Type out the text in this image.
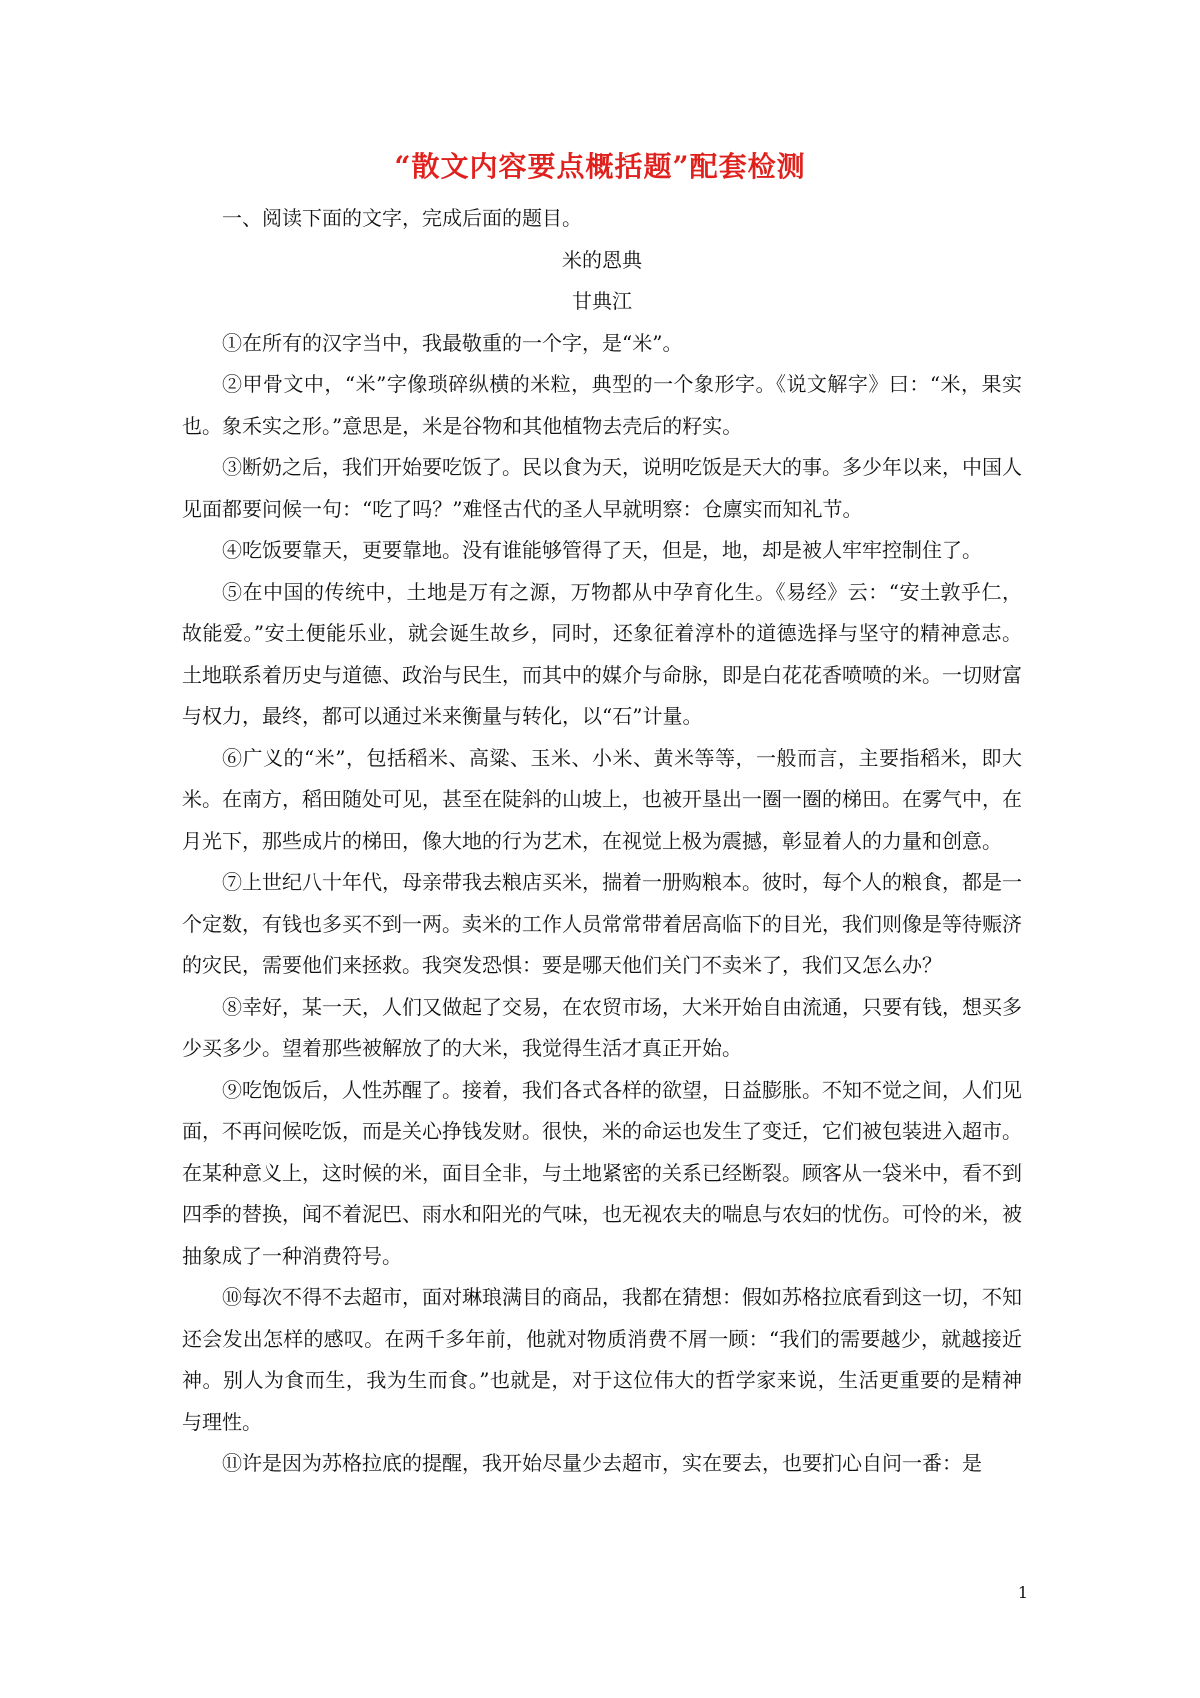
“散文内容要点概括题”配套检测

一、阅读下面的文字，完成后面的题目。

米的恩典

甘典江

①在所有的汉字当中，我最敬重的一个字，是“米”。

②甲骨文中，“米”字像琐碎纵横的米粒，典型的一个象形字。《说文解字》曰：“米，果实也。象禾实之形。”意思是，米是谷物和其他植物去壳后的籽实。

③断奶之后，我们开始要吃饭了。民以食为天，说明吃饭是天大的事。多少年以来，中国人见面都要问候一句：“吃了吗？”难怪古代的圣人早就明察：仓廪实而知礼节。

④吃饭要靠天，更要靠地。没有谁能够管得了天，但是，地，却是被人牢牢控制住了。

⑤在中国的传统中，土地是万有之源，万物都从中孕育化生。《易经》云：“安土敦乎仁，故能爱。”安土便能乐业，就会诞生故乡，同时，还象征着淳朴的道德选择与坚守的精神意志。土地联系着历史与道德、政治与民生，而其中的媒介与命脉，即是白花花香喷喷的米。一切财富与权力，最终，都可以通过米来衡量与转化，以“石”计量。

⑥广义的“米”，包括稻米、高粱、玉米、小米、黄米等等，一般而言，主要指稻米，即大米。在南方，稻田随处可见，甚至在陡斜的山坡上，也被开垦出一圈一圈的梯田。在雾气中，在月光下，那些成片的梯田，像大地的行为艺术，在视觉上极为震撼，彰显着人的力量和创意。

⑦上世纪八十年代，母亲带我去粮店买米，揣着一册购粮本。彼时，每个人的粮食，都是一个定数，有钱也多买不到一两。卖米的工作人员常常带着居高临下的目光，我们则像是等待赈济的灾民，需要他们来拯救。我突发恐惧：要是哪天他们关门不卖米了，我们又怎么办？

⑧幸好，某一天，人们又做起了交易，在农贸市场，大米开始自由流通，只要有钱，想买多少买多少。望着那些被解放了的大米，我觉得生活才真正开始。

⑨吃饱饭后，人性苏醒了。接着，我们各式各样的欲望，日益膨胀。不知不觉之间，人们见面，不再问候吃饭，而是关心挣钱发财。很快，米的命运也发生了变迁，它们被包装进入超市。在某种意义上，这时候的米，面目全非，与土地紧密的关系已经断裂。顾客从一袋米中，看不到四季的替换，闻不着泥巴、雨水和阳光的气味，也无视农夫的喘息与农妇的忧伤。可怜的米，被抽象成了一种消费符号。

⑩每次不得不去超市，面对琳琅满目的商品，我都在猜想：假如苏格拉底看到这一切，不知还会发出怎样的感叹。在两千多年前，他就对物质消费不屑一顾：“我们的需要越少，就越接近神。别人为食而生，我为生而食。”也就是，对于这位伟大的哲学家来说，生活更重要的是精神与理性。

⑪许是因为苏格拉底的提醒，我开始尽量少去超市，实在要去，也要扪心自问一番：是

1
